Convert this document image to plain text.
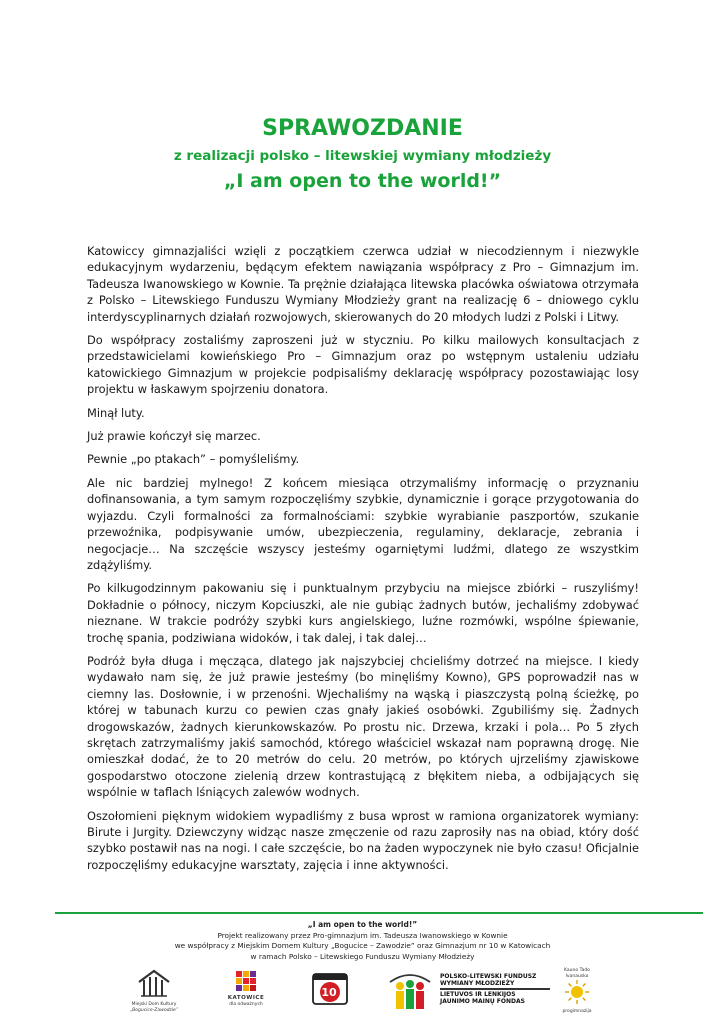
SPRAWOZDANIE
z realizacji polsko – litewskiej wymiany młodzieży
„I am open to the world!”

Katowiccy gimnazjaliści wzięli z początkiem czerwca udział w niecodziennym i niezwykle edukacyjnym wydarzeniu, będącym efektem nawiązania współpracy z Pro – Gimnazjum im. Tadeusza Iwanowskiego w Kownie. Ta prężnie działająca litewska placówka oświatowa otrzymała z Polsko – Litewskiego Funduszu Wymiany Młodzieży grant na realizację 6 – dniowego cyklu interdyscyplinarnych działań rozwojowych, skierowanych do 20 młodych ludzi z Polski i Litwy.

Do współpracy zostaliśmy zaproszeni już w styczniu. Po kilku mailowych konsultacjach z przedstawicielami kowieńskiego Pro – Gimnazjum oraz po wstępnym ustaleniu udziału katowickiego Gimnazjum w projekcie podpisaliśmy deklarację współpracy pozostawiając losy projektu w łaskawym spojrzeniu donatora.

Minął luty.

Już prawie kończył się marzec.

Pewnie „po ptakach” – pomyśleliśmy.

Ale nic bardziej mylnego! Z końcem miesiąca otrzymaliśmy informację o przyznaniu dofinansowania, a tym samym rozpoczęliśmy szybkie, dynamicznie i gorące przygotowania do wyjazdu. Czyli formalności za formalnościami: szybkie wyrabianie paszportów, szukanie przewoźnika, podpisywanie umów, ubezpieczenia, regulaminy, deklaracje, zebrania i negocjacje… Na szczęście wszyscy jesteśmy ogarniętymi ludźmi, dlatego ze wszystkim zdążyliśmy.

Po kilkugodzinnym pakowaniu się i punktualnym przybyciu na miejsce zbiórki – ruszyliśmy! Dokładnie o północy, niczym Kopciuszki, ale nie gubiąc żadnych butów, jechaliśmy zdobywać nieznane. W trakcie podróży szybki kurs angielskiego, luźne rozmówki, wspólne śpiewanie, trochę spania, podziwiana widoków, i tak dalej, i tak dalej…

Podróż była długa i męcząca, dlatego jak najszybciej chcieliśmy dotrzeć na miejsce. I kiedy wydawało nam się, że już prawie jesteśmy (bo minęliśmy Kowno), GPS poprowadził nas w ciemny las. Dosłownie, i w przenośni. Wjechaliśmy na wąską i piaszczystą polną ścieżkę, po której w tabunach kurzu co pewien czas gnały jakieś osobówki. Zgubiliśmy się. Żadnych drogowskazów, żadnych kierunkowskazów. Po prostu nic. Drzewa, krzaki i pola… Po 5 złych skrętach zatrzymaliśmy jakiś samochód, którego właściciel wskazał nam poprawną drogę. Nie omieszkał dodać, że to 20 metrów do celu. 20 metrów, po których ujrzeliśmy zjawiskowe gospodarstwo otoczone zielenią drzew kontrastującą z błękitem nieba, a odbijających się wspólnie w taflach lśniących zalewów wodnych.

Oszołomieni pięknym widokiem wypadliśmy z busa wprost w ramiona organizatorek wymiany: Birute i Jurgity. Dziewczyny widząc nasze zmęczenie od razu zaprosiły nas na obiad, który dość szybko postawił nas na nogi. I całe szczęście, bo na żaden wypoczynek nie było czasu! Oficjalnie rozpoczęliśmy edukacyjne warsztaty, zajęcia i inne aktywności.

„I am open to the world!”
Projekt realizowany przez Pro-gimnazjum im. Tadeusza Iwanowskiego w Kownie
we współpracy z Miejskim Domem Kultury „Bogucice – Zawodzie” oraz Gimnazjum nr 10 w Katowicach
w ramach Polsko – Litewskiego Funduszu Wymiany Młodzieży
Miejski Dom Kultury
„Bogucice-Zawodzie”
KATOWICE
dla odważnych
10
POLSKO-LITEWSKI FUNDUSZ
WYMIANY MŁODZIEŻY
LIETUVOS IR LENKIJOS
JAUNIMO MAINŲ FONDAS
Kauno Tado Ivanausko
progimnazija
